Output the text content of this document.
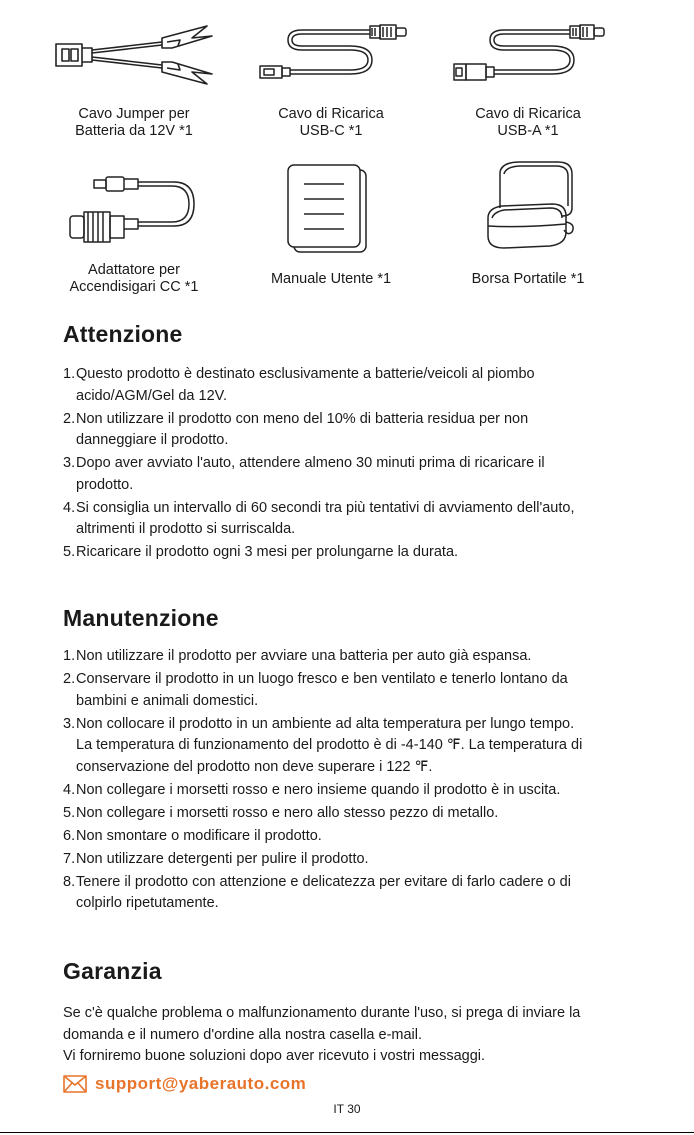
Cavo Jumper per
Batteria da 12V *1
Cavo di Ricarica
USB-C *1
Cavo di Ricarica
USB-A *1
Adattatore per
Accendisigari CC *1	Manuale Utente *1	Borsa Portatile *1
Attenzione
1. Questo prodotto è destinato esclusivamente a batterie/veicoli al piombo
acido/AGM/Gel da 12V.
2. Non utilizzare il prodotto con meno del 10% di batteria residua per non
danneggiare il prodotto.
3. Dopo aver avviato l'auto, attendere almeno 30 minuti prima di ricaricare il
prodotto.
4. Si consiglia un intervallo di 60 secondi tra più tentativi di avviamento dell'auto,
altrimenti il prodotto si surriscalda.
5. Ricaricare il prodotto ogni 3 mesi per prolungarne la durata.
Manutenzione
1. Non utilizzare il prodotto per avviare una batteria per auto già espansa.
2. Conservare il prodotto in un luogo fresco e ben ventilato e tenerlo lontano da
bambini e animali domestici.
3. Non collocare il prodotto in un ambiente ad alta temperatura per lungo tempo.
La temperatura di funzionamento del prodotto è di -4-140 ℉. La temperatura di
conservazione del prodotto non deve superare i 122 ℉.
4. Non collegare i morsetti rosso e nero insieme quando il prodotto è in uscita.
5. Non collegare i morsetti rosso e nero allo stesso pezzo di metallo.
6. Non smontare o modificare il prodotto.
7. Non utilizzare detergenti per pulire il prodotto.
8. Tenere il prodotto con attenzione e delicatezza per evitare di farlo cadere o di
colpirlo ripetutamente.
Garanzia
Se c'è qualche problema o malfunzionamento durante l'uso, si prega di inviare la
domanda e il numero d'ordine alla nostra casella e-mail.
Vi forniremo buone soluzioni dopo aver ricevuto i vostri messaggi.
support@yaberauto.com
IT 30
